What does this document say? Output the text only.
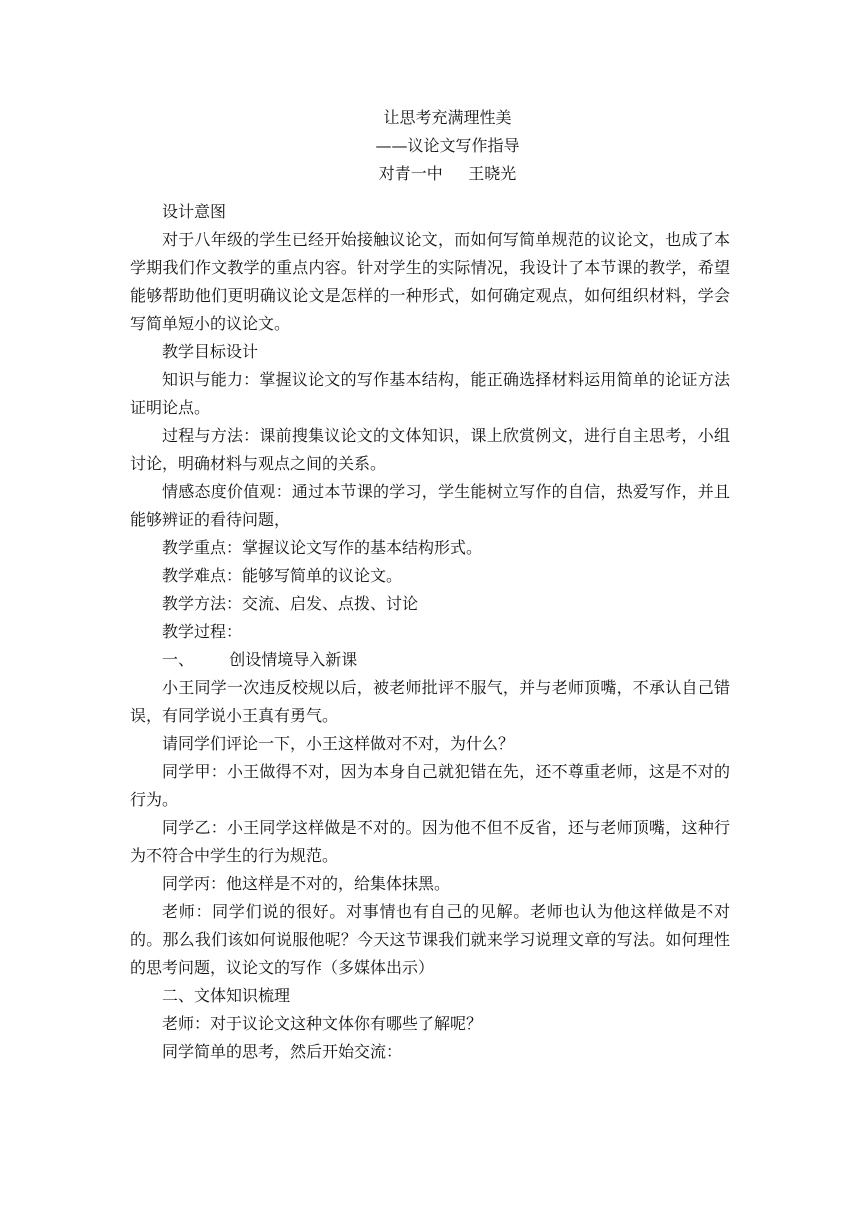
让思考充满理性美
——议论文写作指导
对青一中 王晓光

设计意图

对于八年级的学生已经开始接触议论文，而如何写简单规范的议论文，也成了本学期我们作文教学的重点内容。针对学生的实际情况，我设计了本节课的教学，希望能够帮助他们更明确议论文是怎样的一种形式，如何确定观点，如何组织材料，学会写简单短小的议论文。

教学目标设计

知识与能力：掌握议论文的写作基本结构，能正确选择材料运用简单的论证方法证明论点。

过程与方法：课前搜集议论文的文体知识，课上欣赏例文，进行自主思考，小组讨论，明确材料与观点之间的关系。

情感态度价值观：通过本节课的学习，学生能树立写作的自信，热爱写作，并且能够辨证的看待问题，

教学重点：掌握议论文写作的基本结构形式。

教学难点：能够写简单的议论文。

教学方法：交流、启发、点拨、讨论

教学过程：

一、 创设情境导入新课

小王同学一次违反校规以后，被老师批评不服气，并与老师顶嘴，不承认自己错误，有同学说小王真有勇气。

请同学们评论一下，小王这样做对不对，为什么？

同学甲：小王做得不对，因为本身自己就犯错在先，还不尊重老师，这是不对的行为。

同学乙：小王同学这样做是不对的。因为他不但不反省，还与老师顶嘴，这种行为不符合中学生的行为规范。

同学丙：他这样是不对的，给集体抹黑。

老师：同学们说的很好。对事情也有自己的见解。老师也认为他这样做是不对的。那么我们该如何说服他呢？今天这节课我们就来学习说理文章的写法。如何理性的思考问题，议论文的写作（多媒体出示）

二、文体知识梳理

老师：对于议论文这种文体你有哪些了解呢？

同学简单的思考，然后开始交流：
